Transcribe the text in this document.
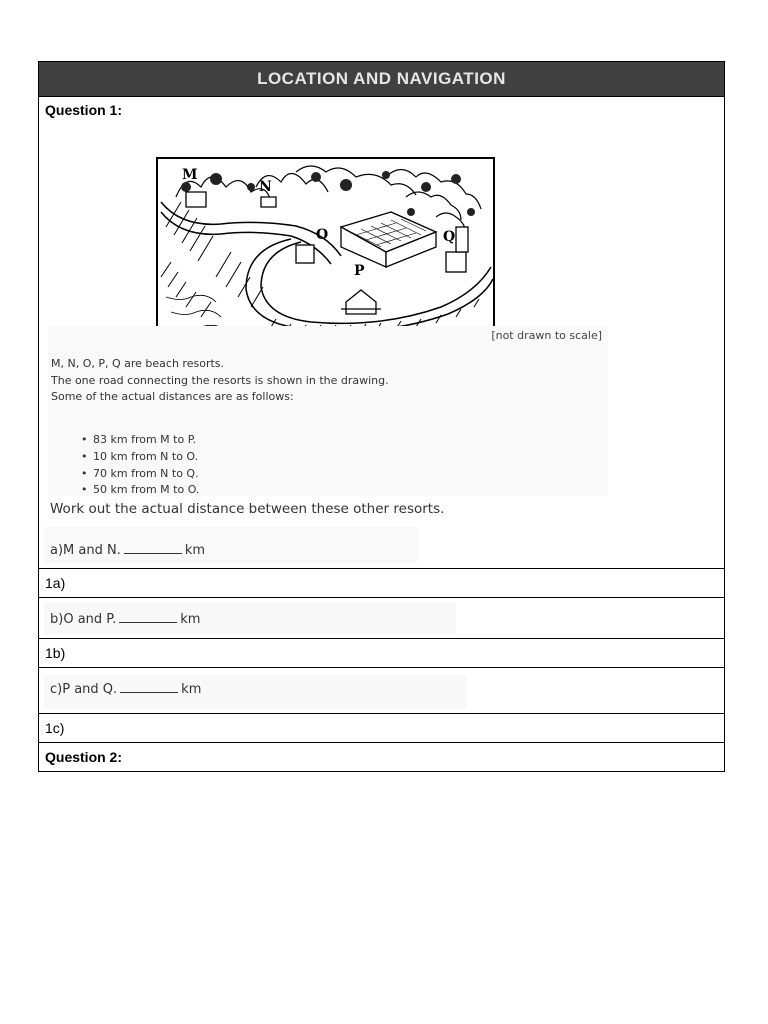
LOCATION AND NAVIGATION

Question 1:
M
N
O
P
Q
[not drawn to scale]
M, N, O, P, Q are beach resorts.
The one road connecting the resorts is shown in the drawing.
Some of the actual distances are as follows:
• 83 km from M to P.
• 10 km from N to O.
• 70 km from N to Q.
• 50 km from M to O.
Work out the actual distance between these other resorts.
a)M and N.	km

1a)

b)O and P.	km

1b)

c)P and Q.	km

1c)
Question 2:
